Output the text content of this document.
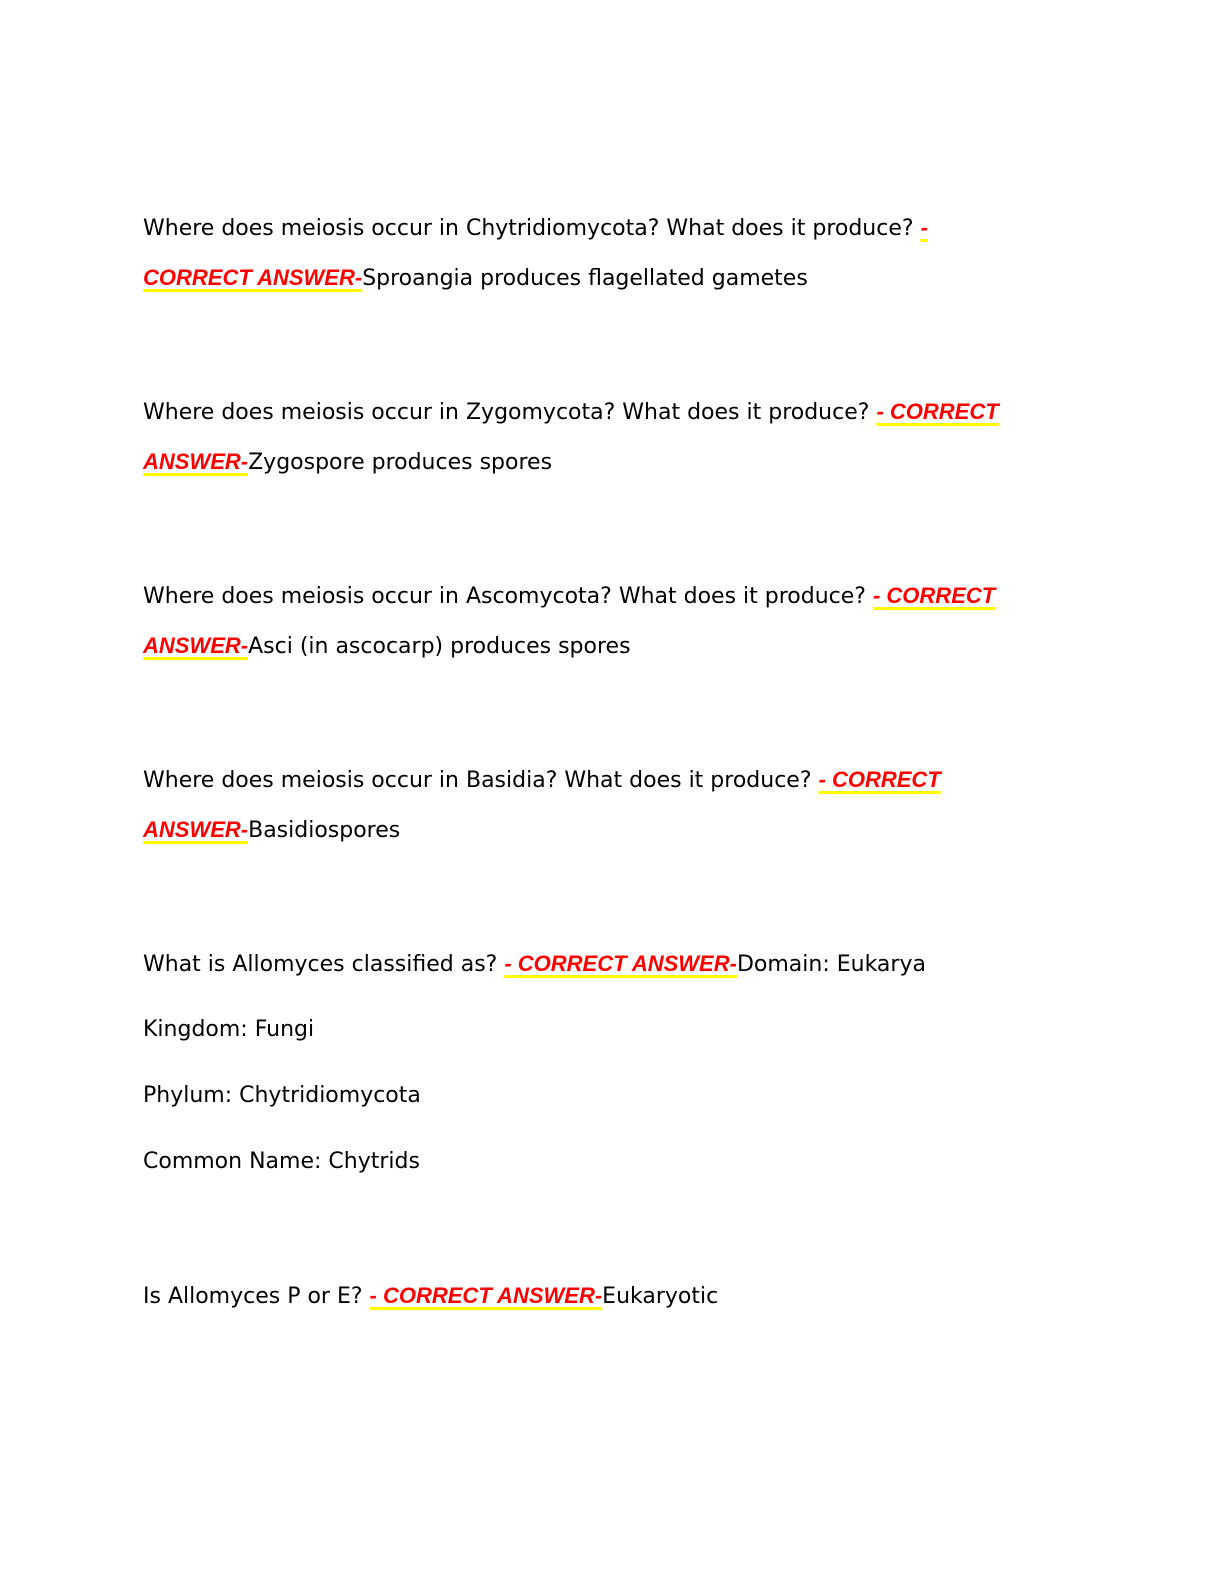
Where does meiosis occur in Chytridiomycota? What does it produce? -
CORRECT ANSWER-Sproangia produces flagellated gametes
Where does meiosis occur in Zygomycota? What does it produce? - CORRECT
ANSWER-Zygospore produces spores
Where does meiosis occur in Ascomycota? What does it produce? - CORRECT
ANSWER-Asci (in ascocarp) produces spores
Where does meiosis occur in Basidia? What does it produce? - CORRECT
ANSWER-Basidiospores
What is Allomyces classified as? - CORRECT ANSWER-Domain: Eukarya
Kingdom: Fungi
Phylum: Chytridiomycota
Common Name: Chytrids
Is Allomyces P or E? - CORRECT ANSWER-Eukaryotic
